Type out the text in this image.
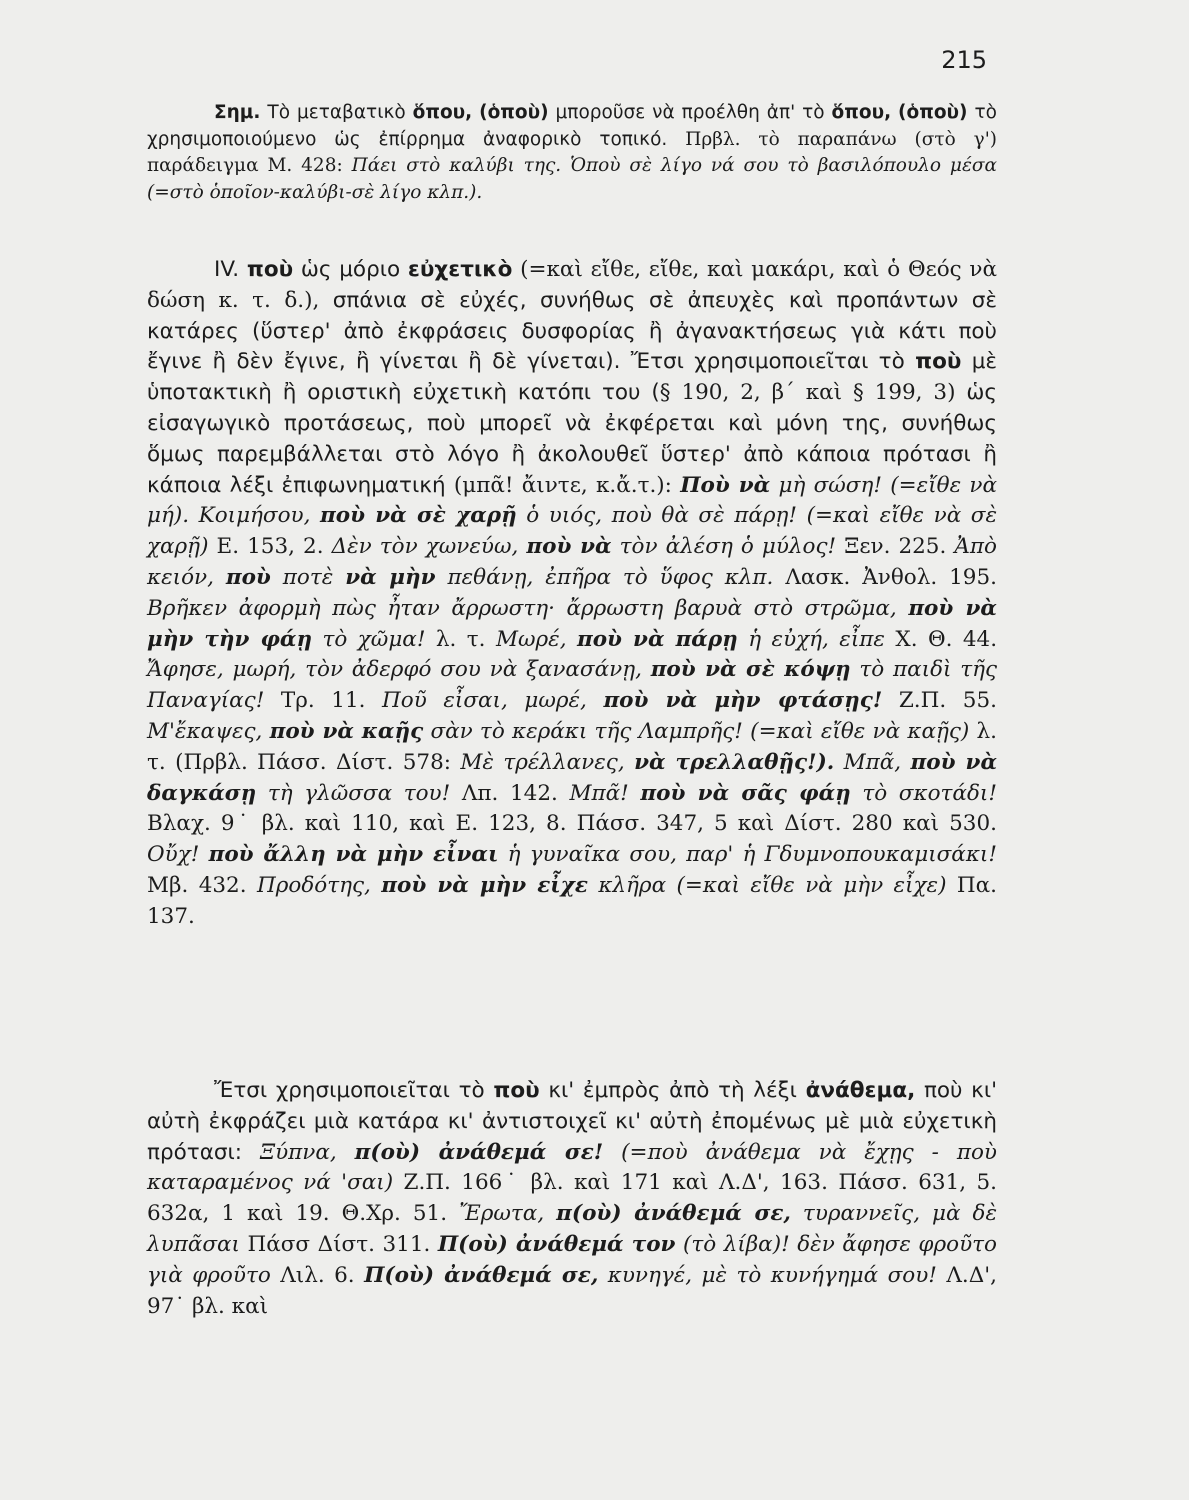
215

Σημ. Τὸ μεταβατικὸ ὅπου, (ὁποὺ) μποροῦσε νὰ προέλθη ἀπ' τὸ ὅπου, (ὁποὺ) τὸ χρησιμοποιούμενο ὡς ἐπίρρημα ἀναφορικὸ τοπικό. Πρβλ. τὸ παραπάνω (στὸ γ') παράδειγμα Μ. 428: Πάει στὸ καλύβι της. Ὁποὺ σὲ λίγο νά σου τὸ βασιλόπουλο μέσα (=στὸ ὁποῖον-καλύβι-σὲ λίγο κλπ.).

IV. ποὺ ὡς μόριο εὐχετικὸ (=καὶ εἴθε, εἴθε, καὶ μακάρι, καὶ ὁ Θεός νὰ δώση κ. τ. δ.), σπάνια σὲ εὐχές, συνήθως σὲ ἀπευχὲς καὶ προπάντων σὲ κατάρες (ὕστερ' ἀπὸ ἐκφράσεις δυσφορίας ἢ ἀγανακτήσεως γιὰ κάτι ποὺ ἔγινε ἢ δὲν ἔγινε, ἢ γίνεται ἢ δὲ γίνεται). Ἔτσι χρησιμοποιεῖται τὸ ποὺ μὲ ὑποτακτικὴ ἢ οριστικὴ εὐχετικὴ κατόπι του (§ 190, 2, β΄ καὶ § 199, 3) ὡς εἰσαγωγικὸ προτάσεως, ποὺ μπορεῖ νὰ ἐκφέρεται καὶ μόνη της, συνήθως ὅμως παρεμβάλλεται στὸ λόγο ἢ ἀκολουθεῖ ὕστερ' ἀπὸ κάποια πρότασι ἢ κάποια λέξι ἐπιφωνηματική (μπᾶ! ἄιντε, κ.ἄ.τ.): Ποὺ νὰ μὴ σώση! (=εἴθε νὰ μή). Κοιμήσου, ποὺ νὰ σὲ χαρῇ ὁ υιός, ποὺ θὰ σὲ πάρῃ! (=καὶ εἴθε νὰ σὲ χαρῇ) Ε. 153, 2. Δὲν τὸν χωνεύω, ποὺ νὰ τὸν ἀλέση ὁ μύλος! Ξεν. 225. Ἀπὸ κειόν, ποὺ ποτὲ νὰ μὴν πεθάνῃ, ἐπῆρα τὸ ὕφος κλπ. Λασκ. Ἀνθολ. 195. Βρῆκεν ἀφορμὴ πὼς ἦταν ἄρρωστη· ἄρρωστη βαρυὰ στὸ στρῶμα, ποὺ νὰ μὴν τὴν φάῃ τὸ χῶμα! λ. τ. Μωρέ, ποὺ νὰ πάρῃ ἡ εὐχή, εἶπε Χ. Θ. 44. Ἄφησε, μωρή, τὸν ἀδερφό σου νὰ ξανασάνῃ, ποὺ νὰ σὲ κόψῃ τὸ παιδὶ τῆς Παναγίας! Τρ. 11. Ποῦ εἶσαι, μωρέ, ποὺ νὰ μὴν φτάσῃς! Ζ.Π. 55. Μ'ἔκαψες, ποὺ νὰ καῇς σὰν τὸ κεράκι τῆς Λαμπρῆς! (=καὶ εἴθε νὰ καῇς) λ. τ. (Πρβλ. Πάσσ. Δίστ. 578: Μὲ τρέλλανες, νὰ τρελλαθῇς!). Μπᾶ, ποὺ νὰ δαγκάσῃ τὴ γλῶσσα του! Λπ. 142. Μπᾶ! ποὺ νὰ σᾶς φάῃ τὸ σκοτάδι! Βλαχ. 9˙ βλ. καὶ 110, καὶ Ε. 123, 8. Πάσσ. 347, 5 καὶ Δίστ. 280 καὶ 530. Οὔχ! ποὺ ἄλλη νὰ μὴν εἶναι ἡ γυναῖκα σου, παρ' ἡ Γδυμνοπουκαμισάκι! Μβ. 432. Προδότης, ποὺ νὰ μὴν εἶχε κλῆρα (=καὶ εἴθε νὰ μὴν εἶχε) Πα. 137.

Ἔτσι χρησιμοποιεῖται τὸ ποὺ κι' ἐμπρὸς ἀπὸ τὴ λέξι ἀνάθεμα, ποὺ κι' αὐτὴ ἐκφράζει μιὰ κατάρα κι' ἀντιστοιχεῖ κι' αὐτὴ ἐπομένως μὲ μιὰ εὐχετικὴ πρότασι: Ξύπνα, π(οὺ) ἀνάθεμά σε! (=ποὺ ἀνάθεμα νὰ ἔχῃς - ποὺ καταραμένος νά 'σαι) Ζ.Π. 166˙ βλ. καὶ 171 καὶ Λ.Δ', 163. Πάσσ. 631, 5. 632α, 1 καὶ 19. Θ.Χρ. 51. Ἔρωτα, π(οὺ) ἀνάθεμά σε, τυραννεῖς, μὰ δὲ λυπᾶσαι Πάσσ Δίστ. 311. Π(οὺ) ἀνάθεμά τον (τὸ λίβα)! δὲν ἄφησε φροῦτο γιὰ φροῦτο Λιλ. 6. Π(οὺ) ἀνάθεμά σε, κυνηγέ, μὲ τὸ κυνήγημά σου! Λ.Δ', 97˙ βλ. καὶ
